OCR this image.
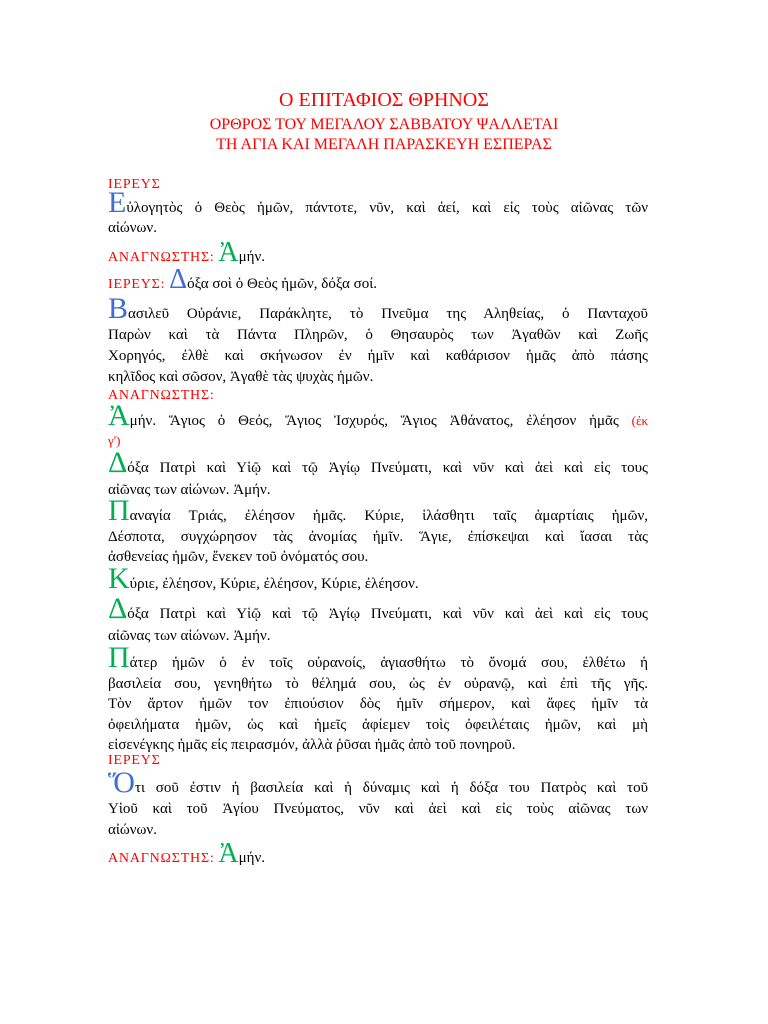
Ο ΕΠΙΤΑΦΙΟΣ ΘΡΗΝΟΣ
ΟΡΘΡΟΣ ΤΟΥ ΜΕΓΑΛΟΥ ΣΑΒΒΑΤΟΥ ΨΑΛΛΕΤΑΙ
ΤΗ ΑΓΙΑ ΚΑΙ ΜΕΓΑΛΗ ΠΑΡΑΣΚΕΥΗ ΕΣΠΕΡΑΣ
ΙΕΡΕΥΣ
Εὐλογητὸς ὁ Θεὸς ἡμῶν, πάντοτε, νῦν, καὶ ἀεί, καὶ εἰς τοὺς αἰῶνας τῶν
αἰώνων.
ΑΝΑΓΝΩΣΤΗΣ: Ἀμήν.
ΙΕΡΕΥΣ: Δόξα σοὶ ὁ Θεὸς ἡμῶν, δόξα σοί.
Βασιλεῦ Οὐράνιε, Παράκλητε, τὸ Πνεῦμα της Αληθείας, ὁ Πανταχοῦ
Παρὼν καὶ τὰ Πάντα Πληρῶν, ὁ Θησαυρὸς των Ἀγαθῶν καὶ Ζωῆς
Χορηγός, ἐλθὲ καὶ σκήνωσον ἐν ἡμῖν καὶ καθάρισον ἡμᾶς ἀπὸ πάσης
κηλῖδος καὶ σῶσον, Ἀγαθὲ τὰς ψυχὰς ἡμῶν.
ΑΝΑΓΝΩΣΤΗΣ:
Ἀμήν. Ἅγιος ὁ Θεός, Ἅγιος Ἰσχυρός, Ἅγιος Ἀθάνατος, ἐλέησον ἡμᾶς (ἐκ
γ')
Δόξα Πατρὶ καὶ Υἱῷ καὶ τῷ Ἁγίῳ Πνεύματι, καὶ νῦν καὶ ἀεὶ καὶ εἰς τους
αἰῶνας των αἰώνων. Ἀμήν.
Παναγία Τριάς, ἐλέησον ἡμᾶς. Κύριε, ἱλάσθητι ταῖς ἁμαρτίαις ἡμῶν,
Δέσποτα, συγχώρησον τὰς ἀνομίας ἡμῖν. Ἅγιε, ἐπίσκεψαι καὶ ἴασαι τὰς
ἀσθενείας ἡμῶν, ἕνεκεν τοῦ ὀνόματός σου.
Κύριε, ἐλέησον, Κύριε, ἐλέησον, Κύριε, ἐλέησον.
Δόξα Πατρὶ καὶ Υἱῷ καὶ τῷ Ἁγίῳ Πνεύματι, καὶ νῦν καὶ ἀεὶ καὶ εἰς τους
αἰῶνας των αἰώνων. Ἀμήν.
Πάτερ ἡμῶν ὁ ἐν τοῖς οὐρανοίς, ἁγιασθήτω τὸ ὄνομά σου, ἐλθέτω ἡ
βασιλεία σου, γενηθήτω τὸ θέλημά σου, ὡς ἐν οὐρανῷ, καὶ ἐπὶ τῆς γῆς.
Τὸν ἄρτον ἡμῶν τον ἐπιούσιον δὸς ἡμῖν σήμερον, καὶ ἄφες ἡμῖν τὰ
ὀφειλήματα ἡμῶν, ὡς καὶ ἡμεῖς ἀφίεμεν τοὶς ὀφειλέταις ἡμῶν, καὶ μὴ
εἰσενέγκης ἡμᾶς εἰς πειρασμόν, ἀλλὰ ῥῦσαι ἡμᾶς ἀπὸ τοῦ πονηροῦ.
ΙΕΡΕΥΣ
Ὅτι σοῦ ἐστιν ἡ βασιλεία καὶ ἡ δύναμις καὶ ἡ δόξα του Πατρὸς καὶ τοῦ
Υἱοῦ καὶ τοῦ Ἁγίου Πνεύματος, νῦν καὶ ἀεὶ καὶ εἰς τοὺς αἰῶνας των
αἰώνων.
ΑΝΑΓΝΩΣΤΗΣ: Ἀμήν.
